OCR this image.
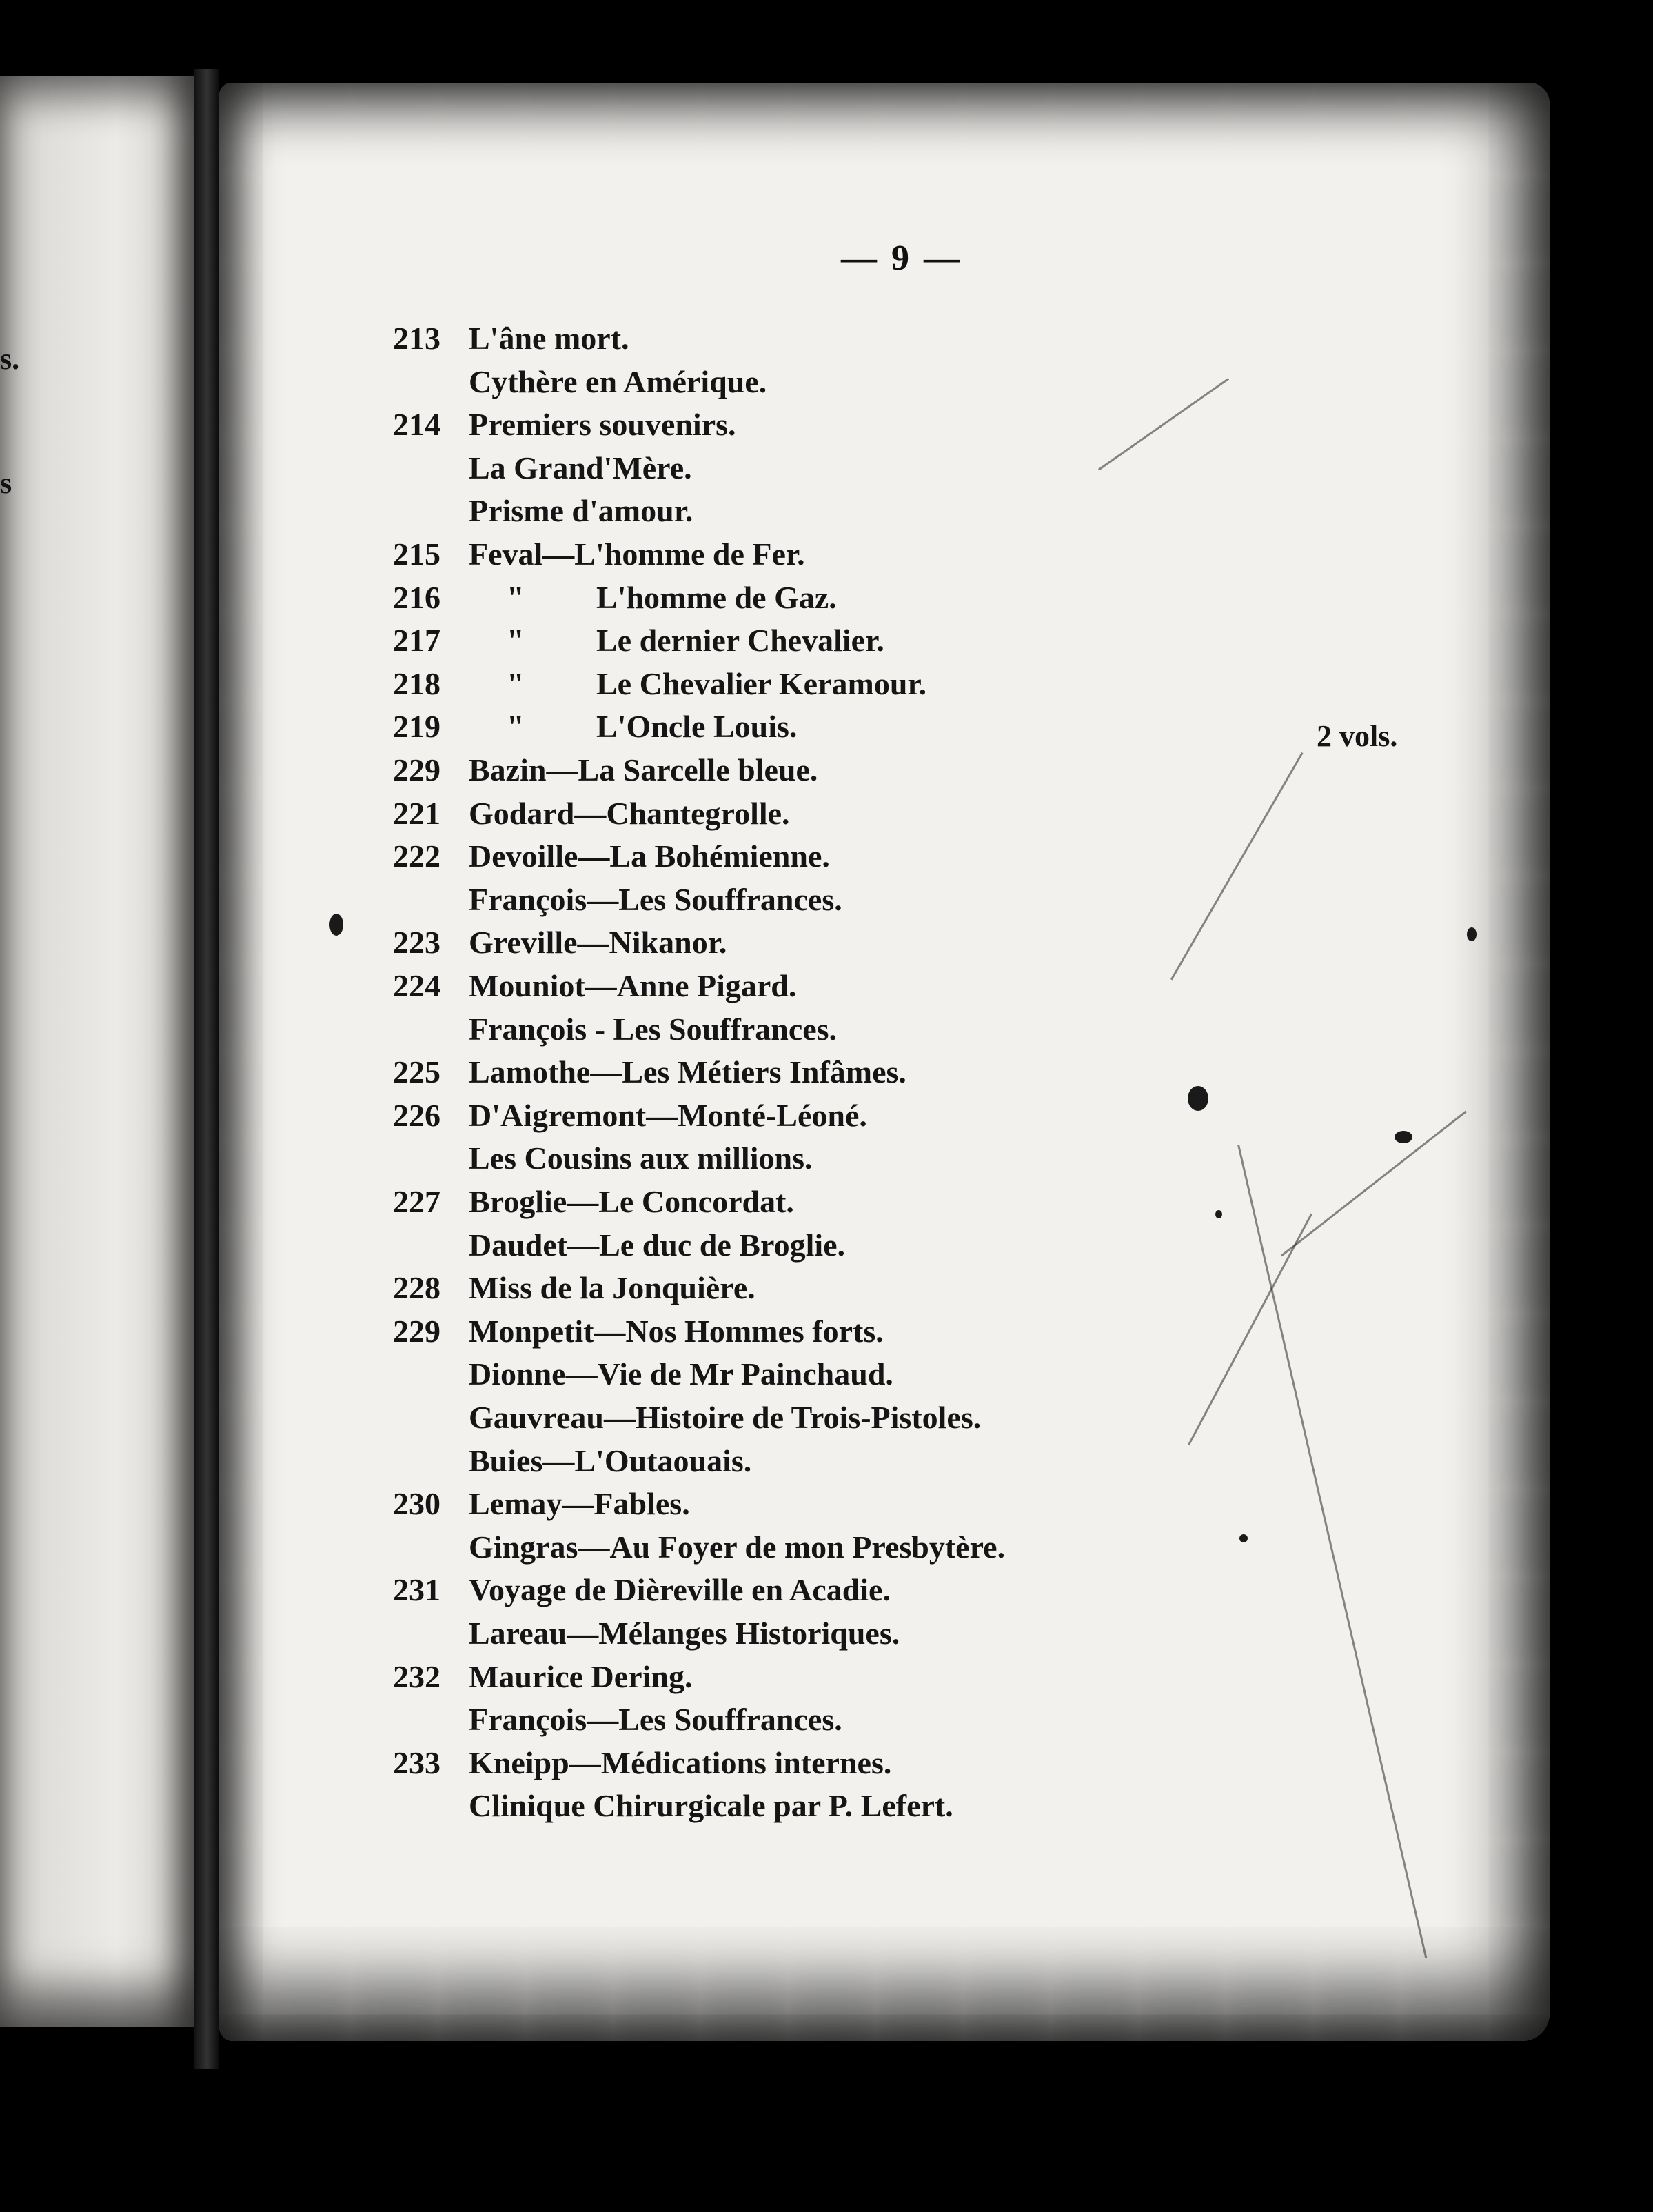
s.
s
— 9 —
2 vols.
213 L'âne mort.
Cythère en Amérique.
214 Premiers souvenirs.
La Grand'Mère.
Prisme d'amour.
215 Feval—L'homme de Fer.
216 " L'homme de Gaz.
217 " Le dernier Chevalier.
218 " Le Chevalier Keramour.
219 " L'Oncle Louis.
229 Bazin—La Sarcelle bleue.
221 Godard—Chantegrolle.
222 Devoille—La Bohémienne.
François—Les Souffrances.
223 Greville—Nikanor.
224 Mouniot—Anne Pigard.
François - Les Souffrances.
225 Lamothe—Les Métiers Infâmes.
226 D'Aigremont—Monté-Léoné.
Les Cousins aux millions.
227 Broglie—Le Concordat.
Daudet—Le duc de Broglie.
228 Miss de la Jonquière.
229 Monpetit—Nos Hommes forts.
Dionne—Vie de Mr Painchaud.
Gauvreau—Histoire de Trois-Pistoles.
Buies—L'Outaouais.
230 Lemay—Fables.
Gingras—Au Foyer de mon Presbytère.
231 Voyage de Dièreville en Acadie.
Lareau—Mélanges Historiques.
232 Maurice Dering.
François—Les Souffrances.
233 Kneipp—Médications internes.
Clinique Chirurgicale par P. Lefert.
